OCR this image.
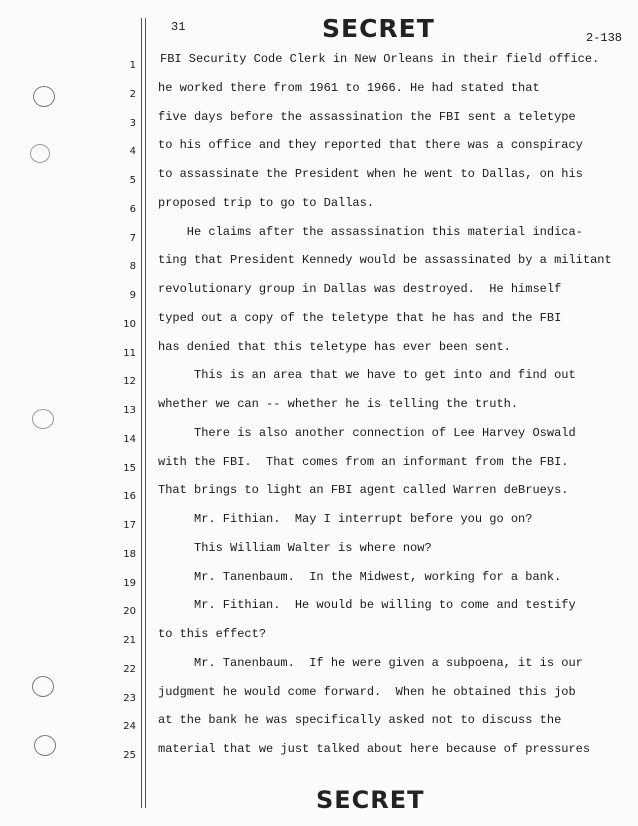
31	SECRET	2-138
1 FBI Security Code Clerk in New Orleans in their field office.
2 he worked there from 1961 to 1966. He had stated that
3 five days before the assassination the FBI sent a teletype
4 to his office and they reported that there was a conspiracy
5 to assassinate the President when he went to Dallas, on his
6 proposed trip to go to Dallas.
7 He claims after the assassination this material indica-
8 ting that President Kennedy would be assassinated by a militant
9 revolutionary group in Dallas was destroyed.  He himself
10 typed out a copy of the teletype that he has and the FBI
11 has denied that this teletype has ever been sent.
12 This is an area that we have to get into and find out
13 whether we can -- whether he is telling the truth.
14 There is also another connection of Lee Harvey Oswald
15 with the FBI.  That comes from an informant from the FBI.
16 That brings to light an FBI agent called Warren deBrueys.
17 Mr. Fithian.  May I interrupt before you go on?
18 This William Walter is where now?
19 Mr. Tanenbaum.  In the Midwest, working for a bank.
20 Mr. Fithian.  He would be willing to come and testify
21 to this effect?
22 Mr. Tanenbaum.  If he were given a subpoena, it is our
23 judgment he would come forward.  When he obtained this job
24 at the bank he was specifically asked not to discuss the
25 material that we just talked about here because of pressures
SECRET
